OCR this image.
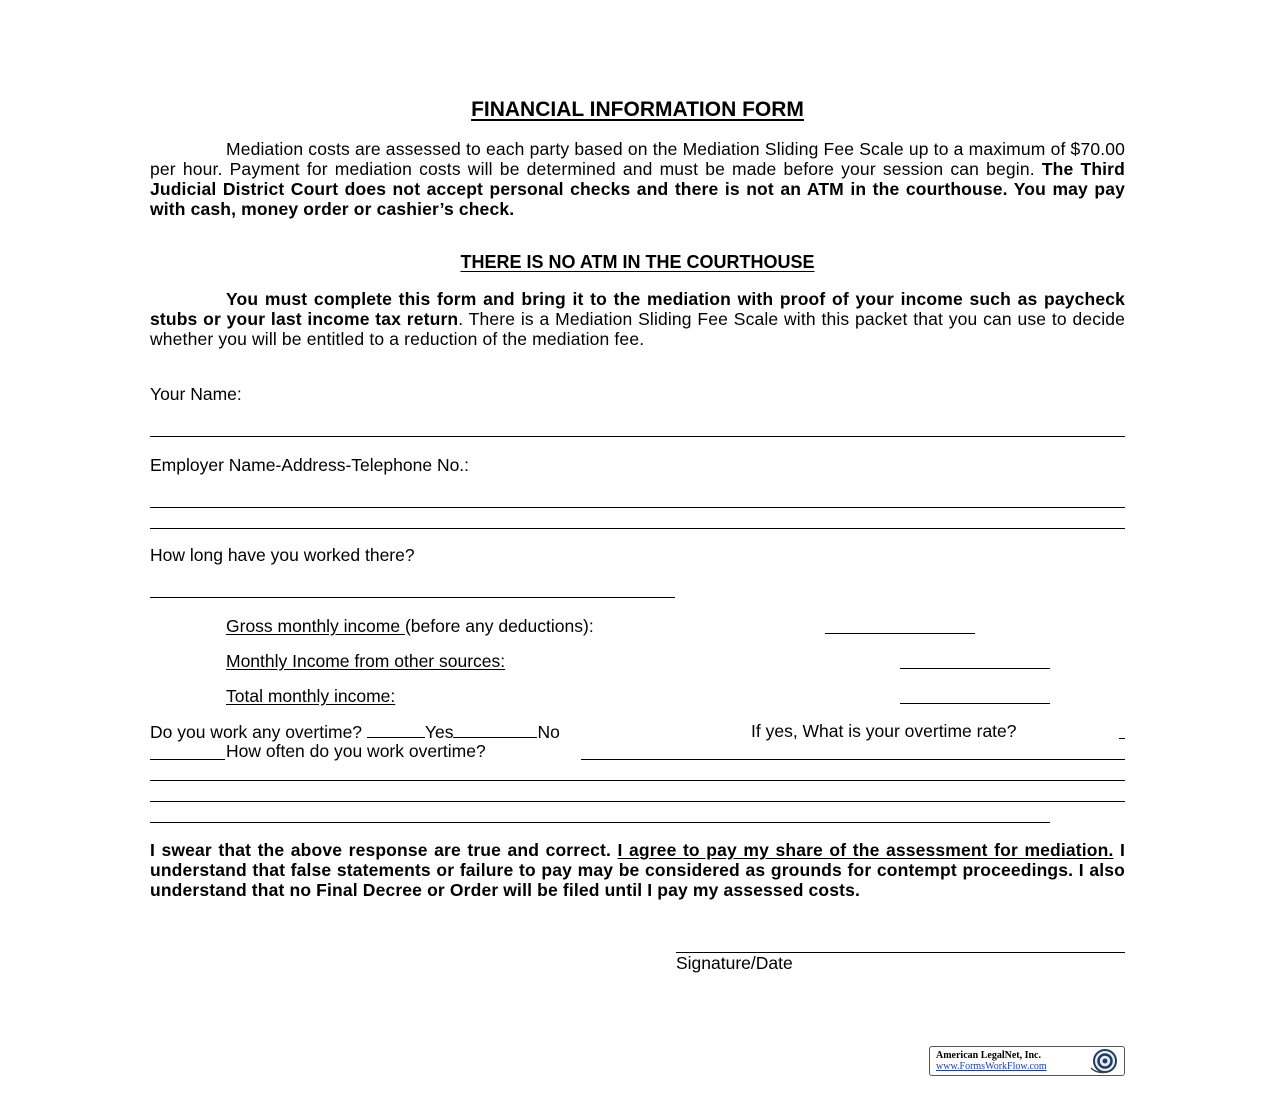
FINANCIAL INFORMATION FORM
Mediation costs are assessed to each party based on the Mediation Sliding Fee Scale up to a maximum of $70.00 per hour. Payment for mediation costs will be determined and must be made before your session can begin. The Third Judicial District Court does not accept personal checks and there is not an ATM in the courthouse. You may pay with cash, money order or cashier’s check.
THERE IS NO ATM IN THE COURTHOUSE
You must complete this form and bring it to the mediation with proof of your income such as paycheck stubs or your last income tax return. There is a Mediation Sliding Fee Scale with this packet that you can use to decide whether you will be entitled to a reduction of the mediation fee.
Your Name:
Employer Name-Address-Telephone No.:
How long have you worked there?
Gross monthly income (before any deductions):
Monthly Income from other sources:
Total monthly income:
Do you work any overtime?	Yes	No	If yes, What is your overtime rate?
How often do you work overtime?
I swear that the above response are true and correct. I agree to pay my share of the assessment for mediation. I understand that false statements or failure to pay may be considered as grounds for contempt proceedings. I also understand that no Final Decree or Order will be filed until I pay my assessed costs.
Signature/Date
American LegalNet, Inc.
www.FormsWorkFlow.com
